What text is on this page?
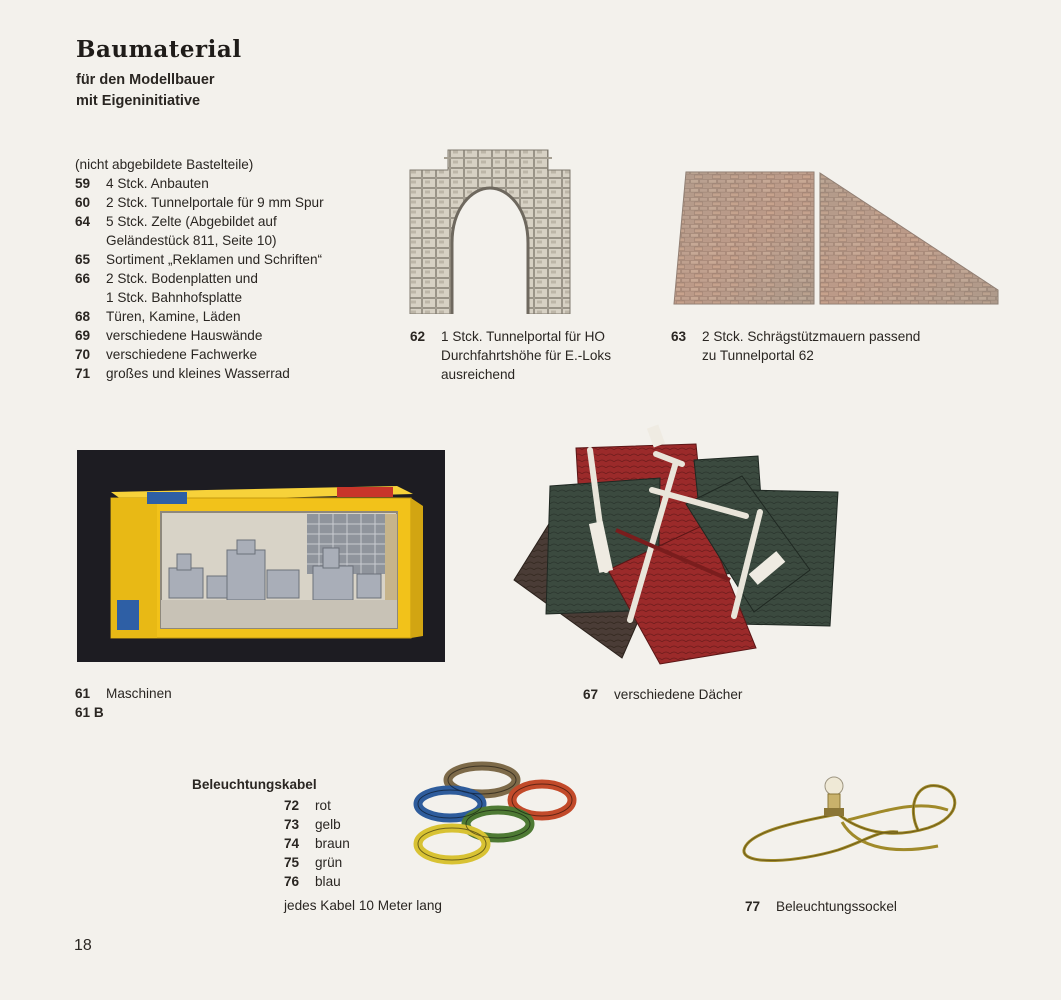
Baumaterial
für den Modellbauer
mit Eigeninitiative
(nicht abgebildete Bastelteile)
59	4 Stck. Anbauten
60	2 Stck. Tunnelportale für 9 mm Spur
64	5 Stck. Zelte (Abgebildet auf
Geländestück 811, Seite 10)
65	Sortiment „Reklamen und Schriften“
66	2 Stck. Bodenplatten und
1 Stck. Bahnhofsplatte
68	Türen, Kamine, Läden
69	verschiedene Hauswände
70	verschiedene Fachwerke
71	großes und kleines Wasserrad
62	1 Stck. Tunnelportal für HO
Durchfahrtshöhe für E.-Loks
ausreichend
63	2 Stck. Schrägstützmauern passend
zu Tunnelportal 62
61	Maschinen
61 B
67	verschiedene Dächer
Beleuchtungskabel
72	rot
73	gelb
74	braun
75	grün
76	blau
jedes Kabel 10 Meter lang	77	Beleuchtungssockel
18
